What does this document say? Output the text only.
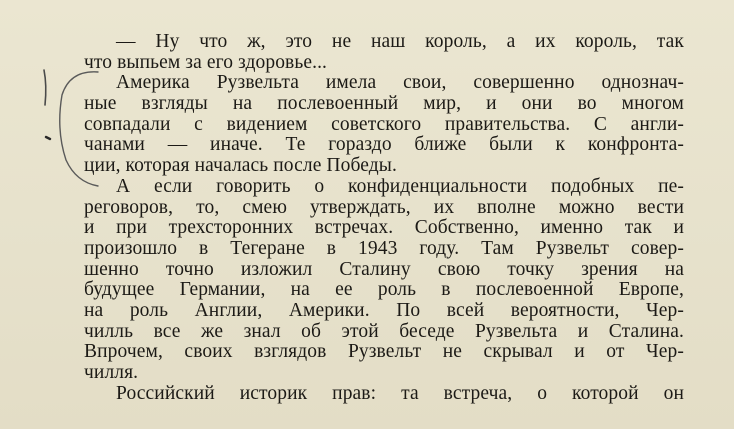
— Ну что ж, это не наш король, а их король, так
что выпьем за его здоровье...
Америка Рузвельта имела свои, совершенно однознач-
ные взгляды на послевоенный мир, и они во многом
совпадали с видением советского правительства. С англи-
чанами — иначе. Те гораздо ближе были к конфронта-
ции, которая началась после Победы.
А если говорить о конфиденциальности подобных пе-
реговоров, то, смею утверждать, их вполне можно вести
и при трехсторонних встречах. Собственно, именно так и
произошло в Тегеране в 1943 году. Там Рузвельт совер-
шенно точно изложил Сталину свою точку зрения на
будущее Германии, на ее роль в послевоенной Европе,
на роль Англии, Америки. По всей вероятности, Чер-
чилль все же знал об этой беседе Рузвельта и Сталина.
Впрочем, своих взглядов Рузвельт не скрывал и от Чер-
чилля.
Российский историк прав: та встреча, о которой он
